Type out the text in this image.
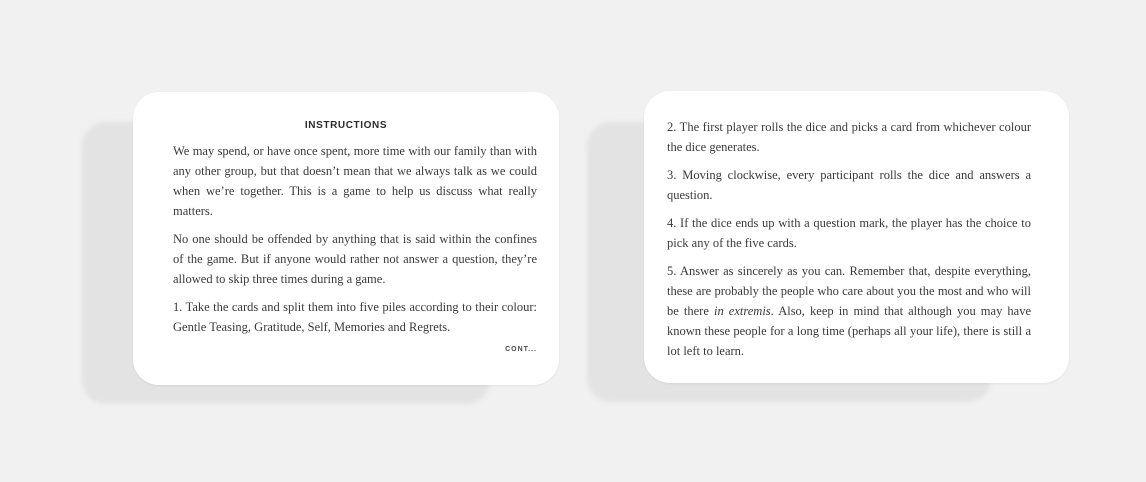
INSTRUCTIONS

We may spend, or have once spent, more time with our family than with any other group, but that doesn’t mean that we always talk as we could when we’re together. This is a game to help us discuss what really matters.

No one should be offended by anything that is said within the confines of the game. But if anyone would rather not answer a question, they’re allowed to skip three times during a game.

1. Take the cards and split them into five piles according to their colour: Gentle Teasing, Gratitude, Self, Memories and Regrets.

CONT...

2. The first player rolls the dice and picks a card from whichever colour the dice generates.

3. Moving clockwise, every participant rolls the dice and answers a question.

4. If the dice ends up with a question mark, the player has the choice to pick any of the five cards.

5. Answer as sincerely as you can. Remember that, despite everything, these are probably the people who care about you the most and who will be there in extremis. Also, keep in mind that although you may have known these people for a long time (perhaps all your life), there is still a lot left to learn.
